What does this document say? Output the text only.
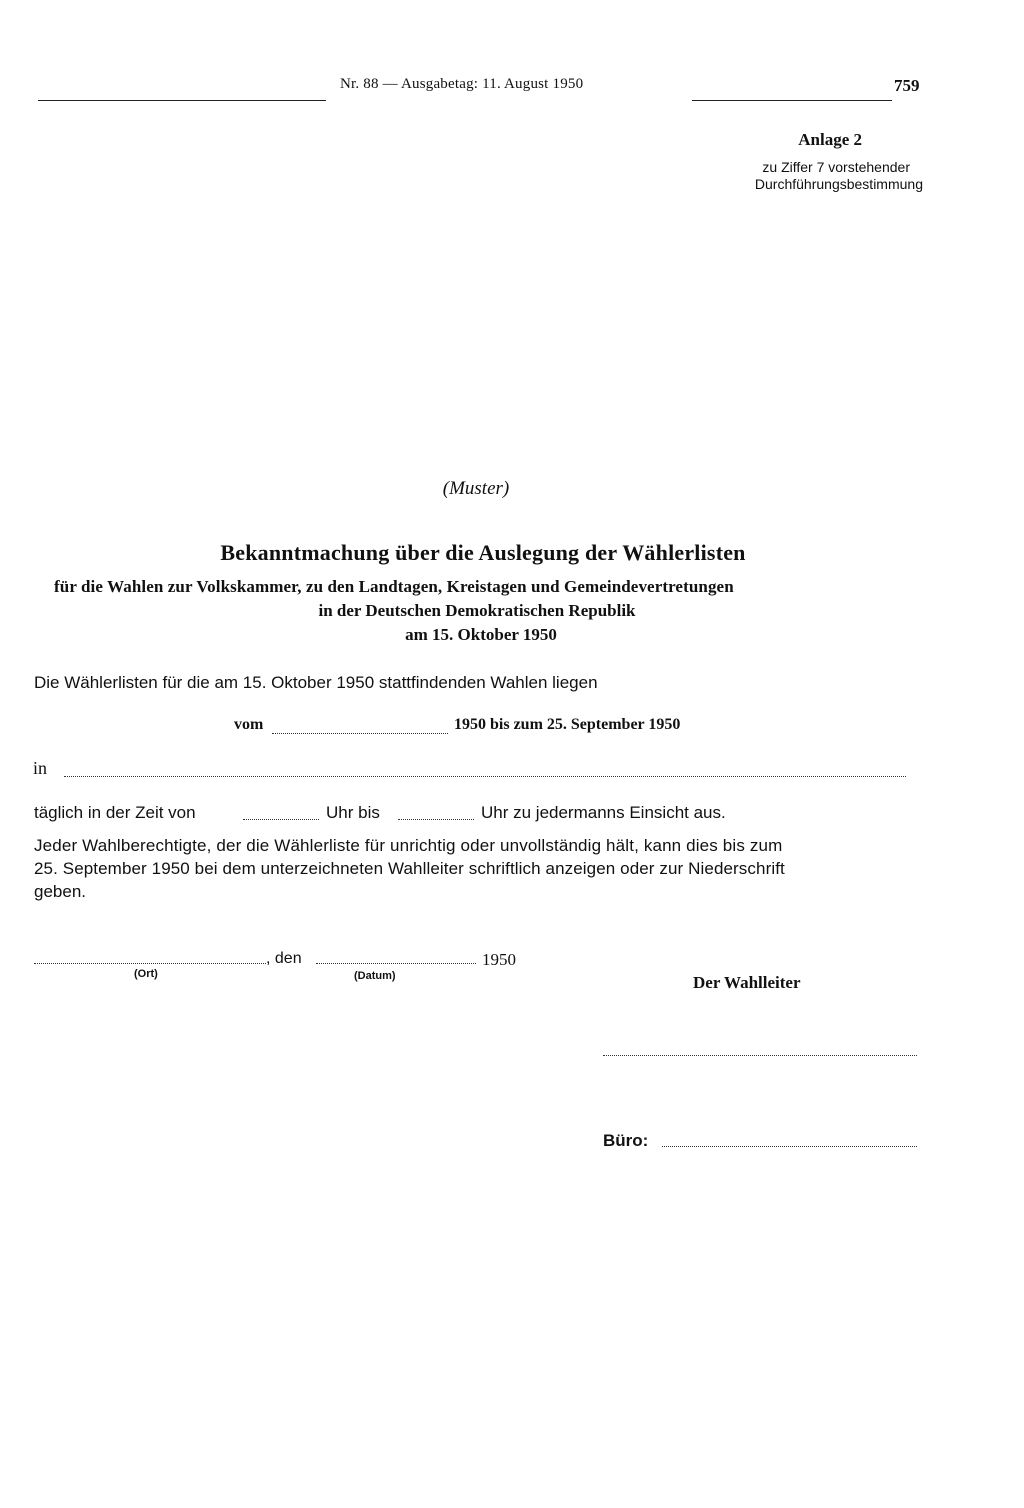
Nr. 88 — Ausgabetag: 11. August 1950	759
Anlage 2
zu Ziffer 7 vorstehender
Durchführungsbestimmung
(Muster)
Bekanntmachung über die Auslegung der Wählerlisten
für die Wahlen zur Volkskammer, zu den Landtagen, Kreistagen und Gemeindevertretungen
in der Deutschen Demokratischen Republik
am 15. Oktober 1950
Die Wählerlisten für die am 15. Oktober 1950 stattfindenden Wahlen liegen
vom	1950 bis zum 25. September 1950
in
täglich in der Zeit von	Uhr bis	Uhr zu jedermanns Einsicht aus.
Jeder Wahlberechtigte, der die Wählerliste für unrichtig oder unvollständig hält, kann dies bis zum
25. September 1950 bei dem unterzeichneten Wahlleiter schriftlich anzeigen oder zur Niederschrift
geben.
, den	1950
(Ort)	(Datum)	Der Wahlleiter
Büro:
